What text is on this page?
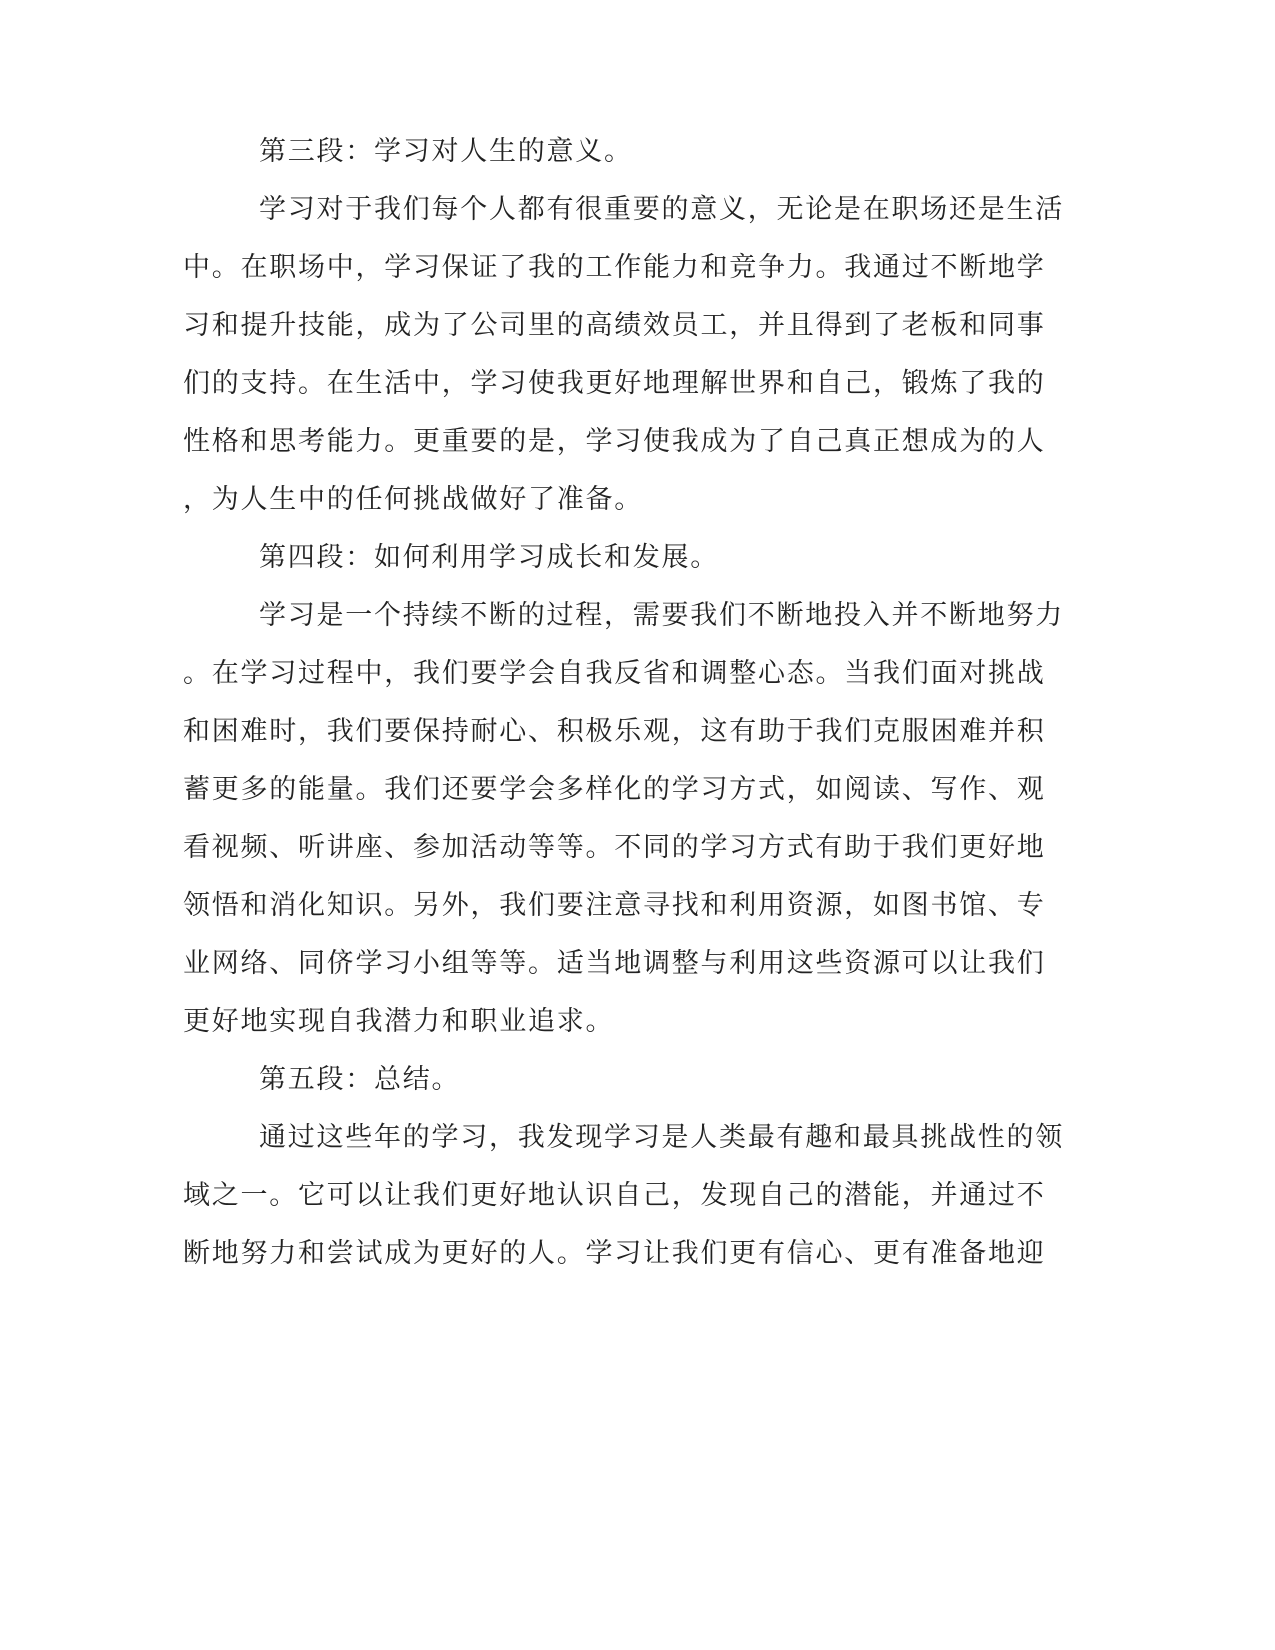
第三段：学习对人生的意义。
学习对于我们每个人都有很重要的意义，无论是在职场还是生活
中。在职场中，学习保证了我的工作能力和竞争力。我通过不断地学
习和提升技能，成为了公司里的高绩效员工，并且得到了老板和同事
们的支持。在生活中，学习使我更好地理解世界和自己，锻炼了我的
性格和思考能力。更重要的是，学习使我成为了自己真正想成为的人
，为人生中的任何挑战做好了准备。
第四段：如何利用学习成长和发展。
学习是一个持续不断的过程，需要我们不断地投入并不断地努力
。在学习过程中，我们要学会自我反省和调整心态。当我们面对挑战
和困难时，我们要保持耐心、积极乐观，这有助于我们克服困难并积
蓄更多的能量。我们还要学会多样化的学习方式，如阅读、写作、观
看视频、听讲座、参加活动等等。不同的学习方式有助于我们更好地
领悟和消化知识。另外，我们要注意寻找和利用资源，如图书馆、专
业网络、同侪学习小组等等。适当地调整与利用这些资源可以让我们
更好地实现自我潜力和职业追求。
第五段：总结。
通过这些年的学习，我发现学习是人类最有趣和最具挑战性的领
域之一。它可以让我们更好地认识自己，发现自己的潜能，并通过不
断地努力和尝试成为更好的人。学习让我们更有信心、更有准备地迎
